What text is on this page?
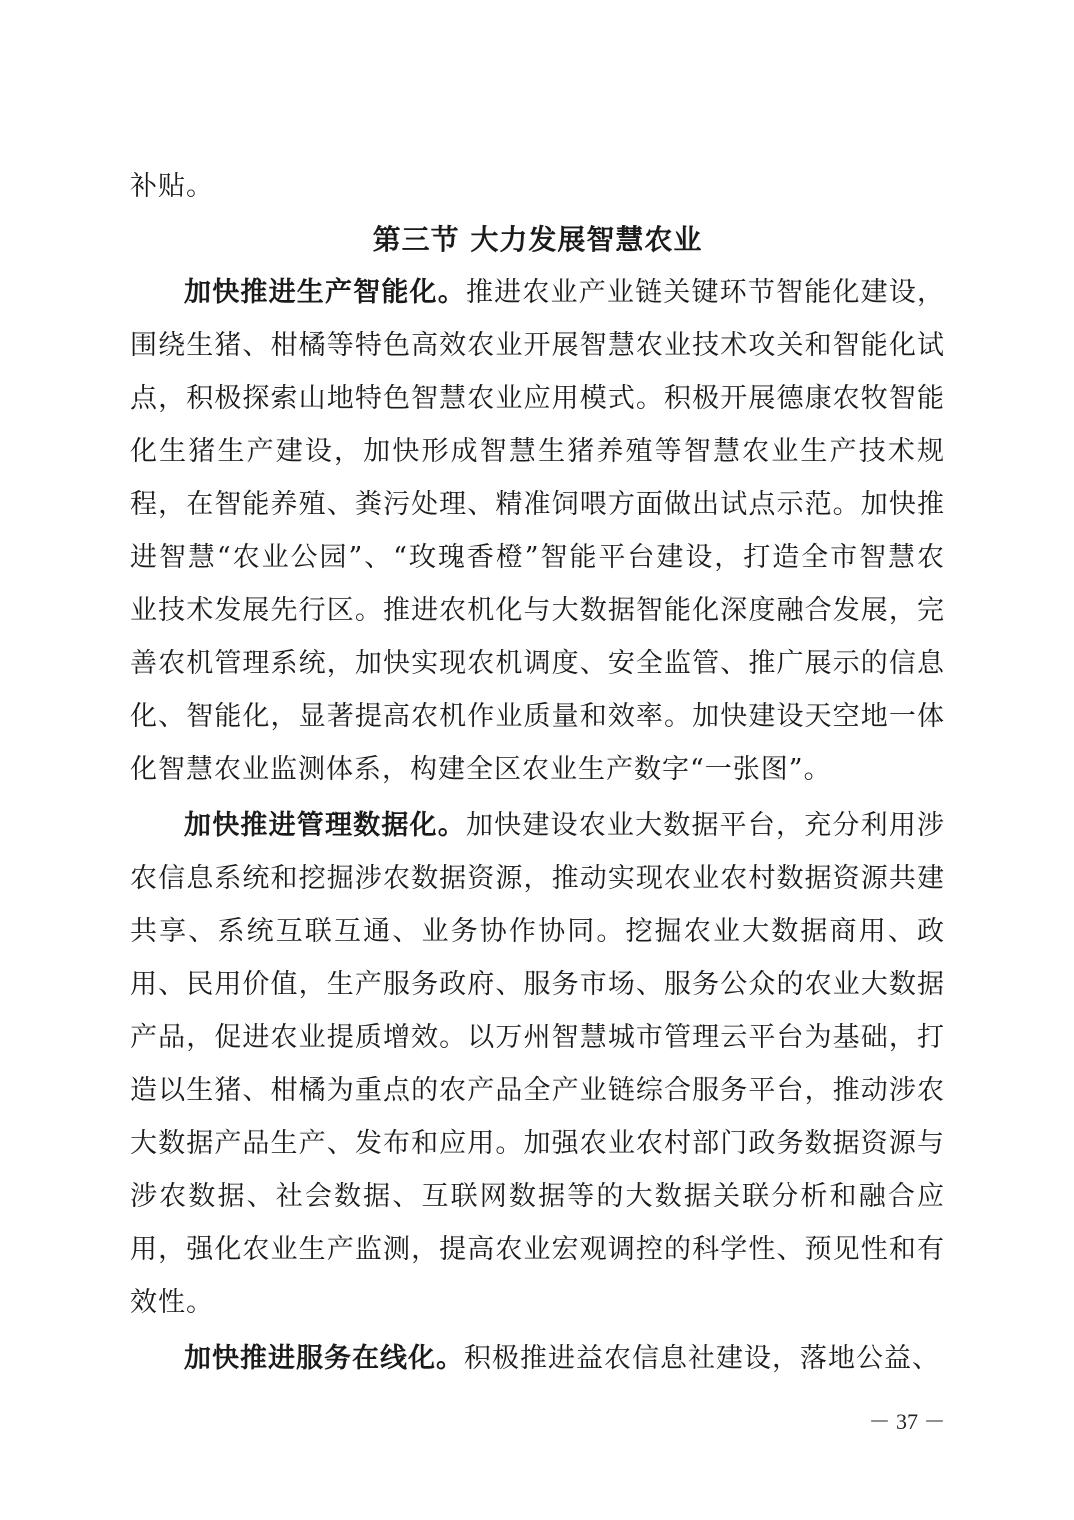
补贴。

第三节 大力发展智慧农业

加快推进生产智能化。推进农业产业链关键环节智能化建设，围绕生猪、柑橘等特色高效农业开展智慧农业技术攻关和智能化试点，积极探索山地特色智慧农业应用模式。积极开展德康农牧智能化生猪生产建设，加快形成智慧生猪养殖等智慧农业生产技术规程，在智能养殖、粪污处理、精准饲喂方面做出试点示范。加快推进智慧“农业公园”、“玫瑰香橙”智能平台建设，打造全市智慧农业技术发展先行区。推进农机化与大数据智能化深度融合发展，完善农机管理系统，加快实现农机调度、安全监管、推广展示的信息化、智能化，显著提高农机作业质量和效率。加快建设天空地一体化智慧农业监测体系，构建全区农业生产数字“一张图”。

加快推进管理数据化。加快建设农业大数据平台，充分利用涉农信息系统和挖掘涉农数据资源，推动实现农业农村数据资源共建共享、系统互联互通、业务协作协同。挖掘农业大数据商用、政用、民用价值，生产服务政府、服务市场、服务公众的农业大数据产品，促进农业提质增效。以万州智慧城市管理云平台为基础，打造以生猪、柑橘为重点的农产品全产业链综合服务平台，推动涉农大数据产品生产、发布和应用。加强农业农村部门政务数据资源与涉农数据、社会数据、互联网数据等的大数据关联分析和融合应用，强化农业生产监测，提高农业宏观调控的科学性、预见性和有效性。

加快推进服务在线化。积极推进益农信息社建设，落地公益、

－ 37 －
